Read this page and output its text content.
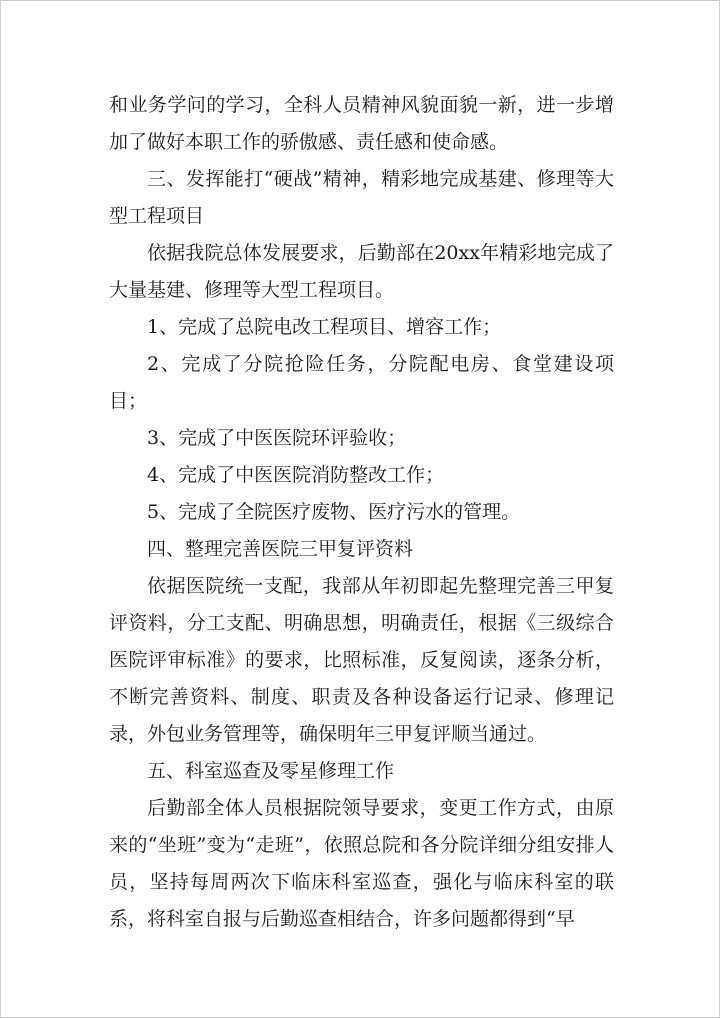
和业务学问的学习，全科人员精神风貌面貌一新，进一步增加了做好本职工作的骄傲感、责任感和使命感。

三、发挥能打“硬战”精神，精彩地完成基建、修理等大型工程项目

依据我院总体发展要求，后勤部在20xx年精彩地完成了大量基建、修理等大型工程项目。

1、完成了总院电改工程项目、增容工作；

2、完成了分院抢险任务，分院配电房、食堂建设项目；

3、完成了中医医院环评验收；

4、完成了中医医院消防整改工作；

5、完成了全院医疗废物、医疗污水的管理。

四、整理完善医院三甲复评资料

依据医院统一支配，我部从年初即起先整理完善三甲复评资料，分工支配、明确思想，明确责任，根据《三级综合医院评审标准》的要求，比照标准，反复阅读，逐条分析，不断完善资料、制度、职责及各种设备运行记录、修理记录，外包业务管理等，确保明年三甲复评顺当通过。

五、科室巡查及零星修理工作

后勤部全体人员根据院领导要求，变更工作方式，由原来的“坐班”变为“走班”，依照总院和各分院详细分组安排人员，坚持每周两次下临床科室巡查，强化与临床科室的联系，将科室自报与后勤巡查相结合，许多问题都得到“早
